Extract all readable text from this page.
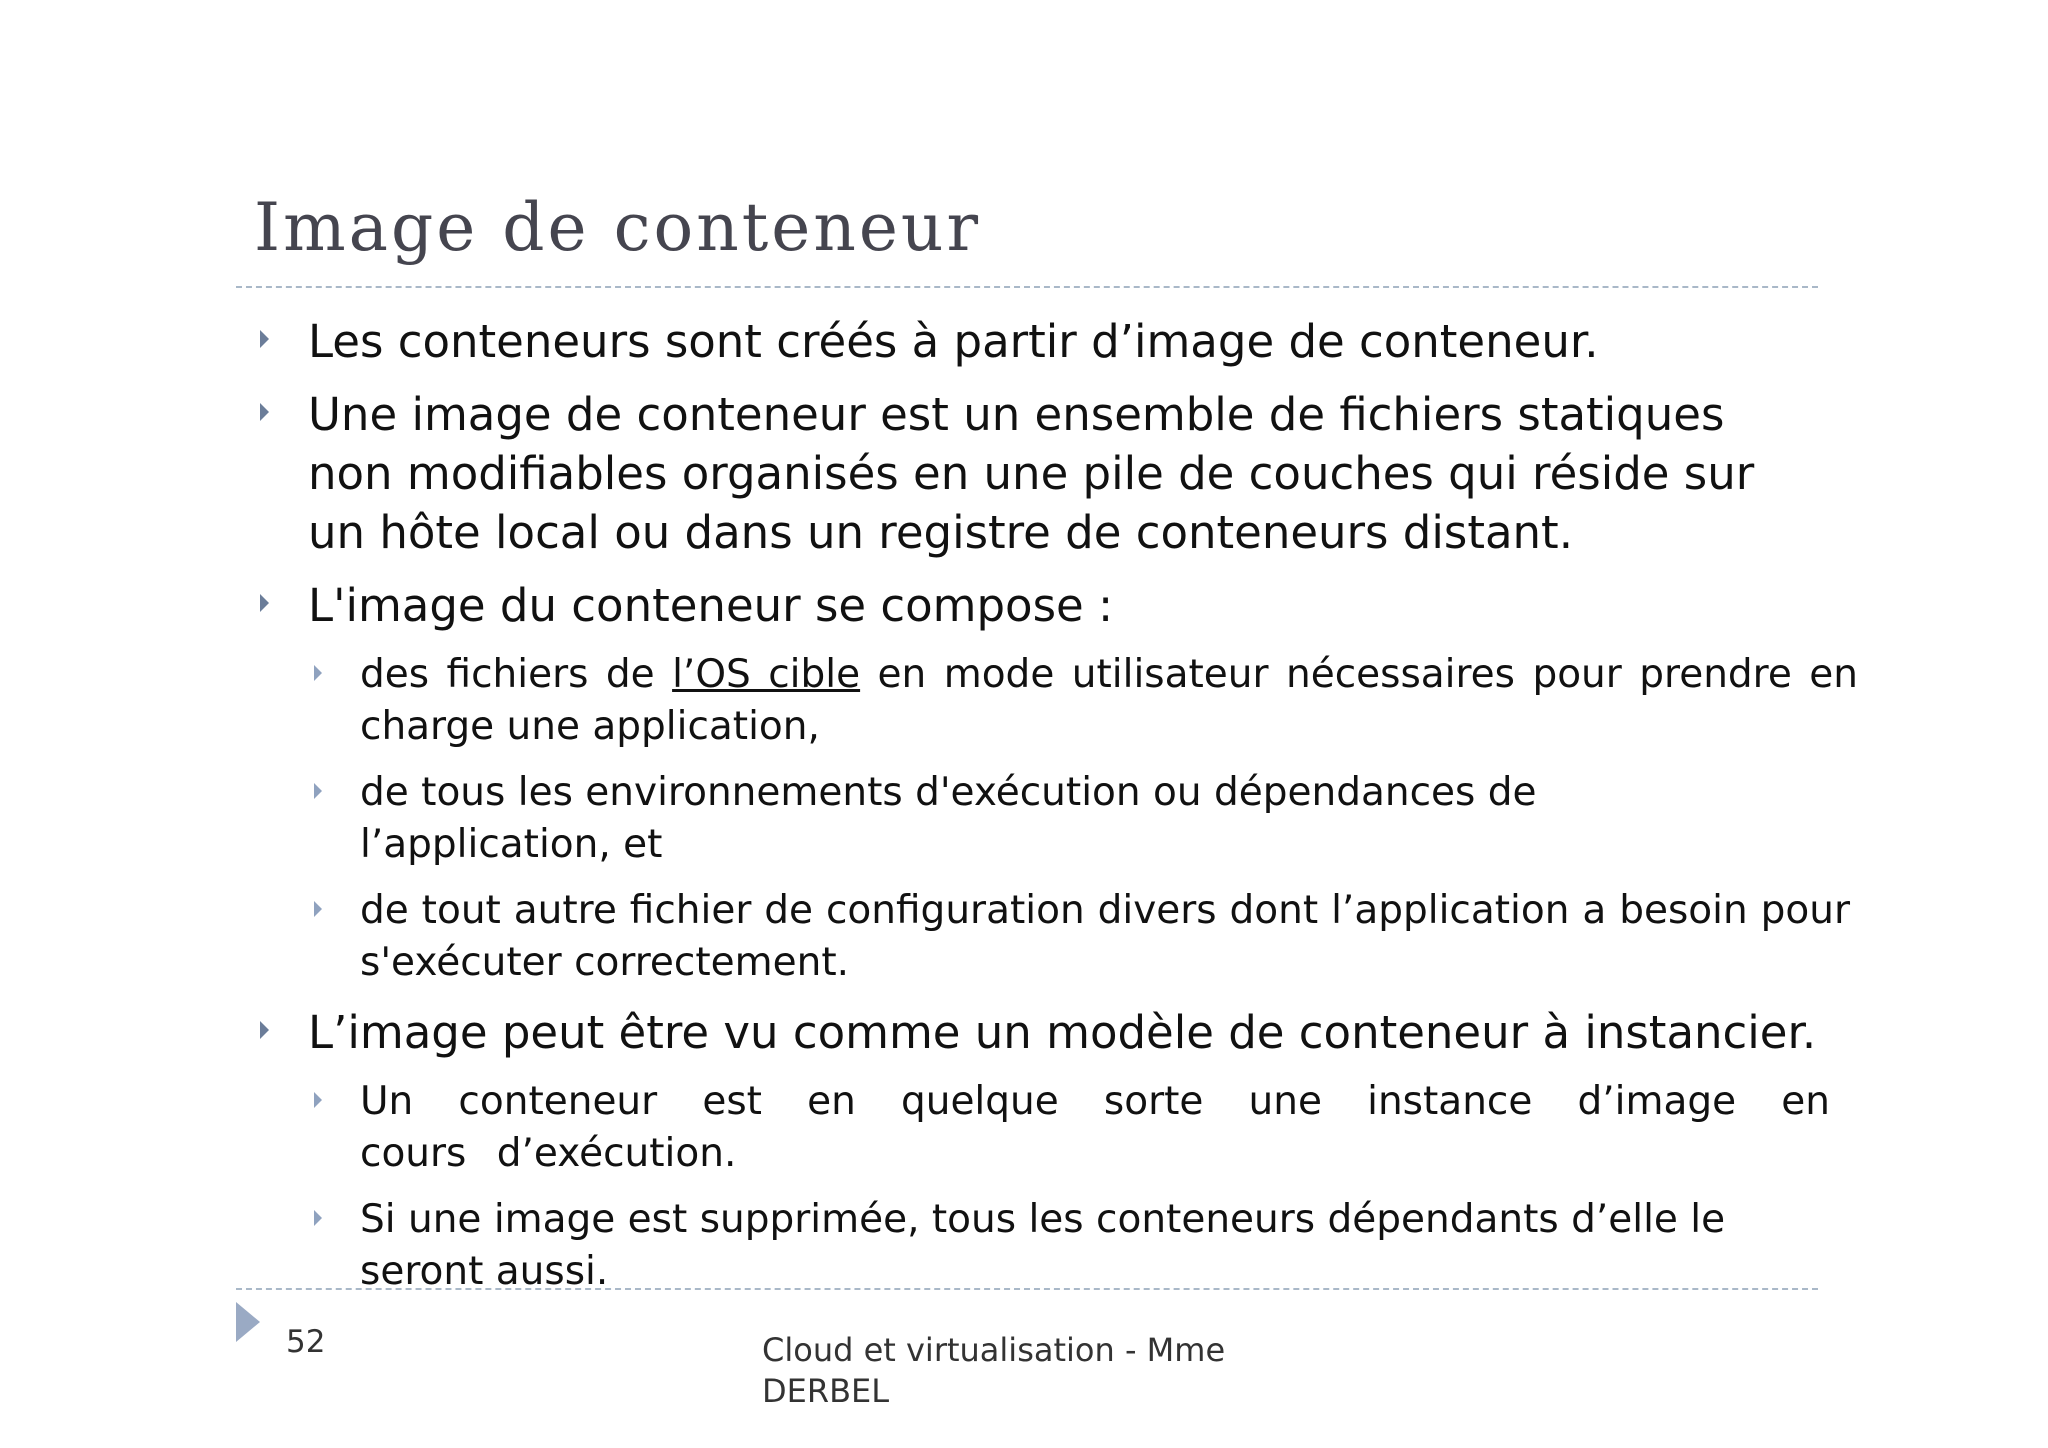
Image de conteneur
Les conteneurs sont créés à partir d’image de conteneur.
Une image de conteneur est un ensemble de fichiers statiques non modifiables organisés en une pile de couches qui réside sur un hôte local ou dans un registre de conteneurs distant.
L'image du conteneur se compose :
des fichiers de l’OS cible en mode utilisateur nécessaires pour prendre en charge une application,
de tous les environnements d'exécution ou dépendances de l’application, et
de tout autre fichier de configuration divers dont l’application a besoin pour s'exécuter correctement.
L’image peut être vu comme un modèle de conteneur à instancier.
Un conteneur est en quelque sorte une instance d’image en cours d’exécution.
Si une image est supprimée, tous les conteneurs dépendants d’elle le seront aussi.
52	Cloud et virtualisation - Mme DERBEL
